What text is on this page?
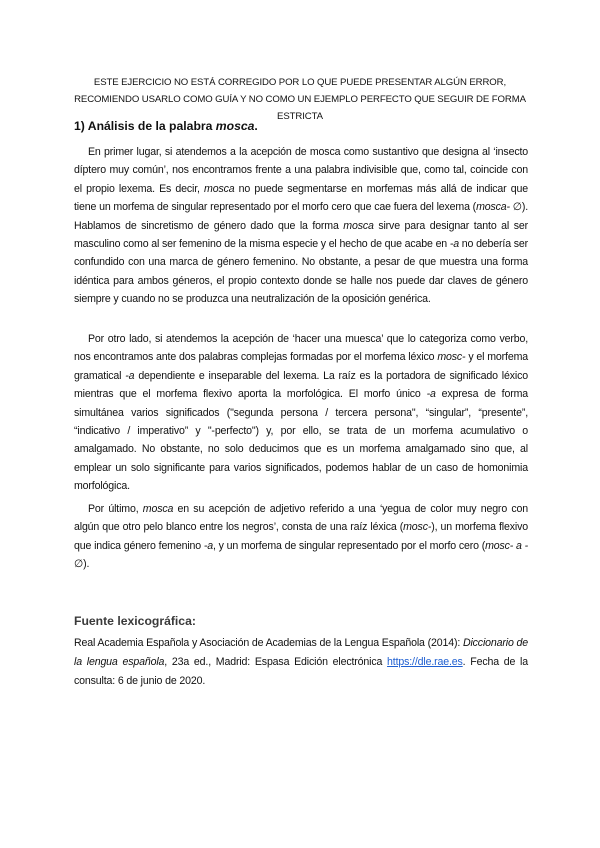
ESTE EJERCICIO NO ESTÁ CORREGIDO POR LO QUE PUEDE PRESENTAR ALGÚN ERROR, RECOMIENDO USARLO COMO GUÍA Y NO COMO UN EJEMPLO PERFECTO QUE SEGUIR DE FORMA ESTRICTA
1) Análisis de la palabra mosca.

En primer lugar, si atendemos a la acepción de mosca como sustantivo que designa al ‘insecto díptero muy común’, nos encontramos frente a una palabra indivisible que, como tal, coincide con el propio lexema. Es decir, mosca no puede segmentarse en morfemas más allá de indicar que tiene un morfema de singular representado por el morfo cero que cae fuera del lexema (mosca- ∅). Hablamos de sincretismo de género dado que la forma mosca sirve para designar tanto al ser masculino como al ser femenino de la misma especie y el hecho de que acabe en -a no debería ser confundido con una marca de género femenino. No obstante, a pesar de que muestra una forma idéntica para ambos géneros, el propio contexto donde se halle nos puede dar claves de género siempre y cuando no se produzca una neutralización de la oposición genérica.

Por otro lado, si atendemos la acepción de ‘hacer una muesca’ que lo categoriza como verbo, nos encontramos ante dos palabras complejas formadas por el morfema léxico mosc- y el morfema gramatical -a dependiente e inseparable del lexema. La raíz es la portadora de significado léxico mientras que el morfema flexivo aporta la morfológica. El morfo único -a expresa de forma simultánea varios significados ("segunda persona / tercera persona", “singular”, “presente”, “indicativo / imperativo” y "-perfecto") y, por ello, se trata de un morfema acumulativo o amalgamado. No obstante, no solo deducimos que es un morfema amalgamado sino que, al emplear un solo significante para varios significados, podemos hablar de un caso de homonimia morfológica.

Por último, mosca en su acepción de adjetivo referido a una ‘yegua de color muy negro con algún que otro pelo blanco entre los negros’, consta de una raíz léxica (mosc-), un morfema flexivo que indica género femenino -a, y un morfema de singular representado por el morfo cero (mosc- a - ∅).

Fuente lexicográfica:

Real Academia Española y Asociación de Academias de la Lengua Española (2014): Diccionario de la lengua española, 23a ed., Madrid: Espasa Edición electrónica https://dle.rae.es. Fecha de la consulta: 6 de junio de 2020.
